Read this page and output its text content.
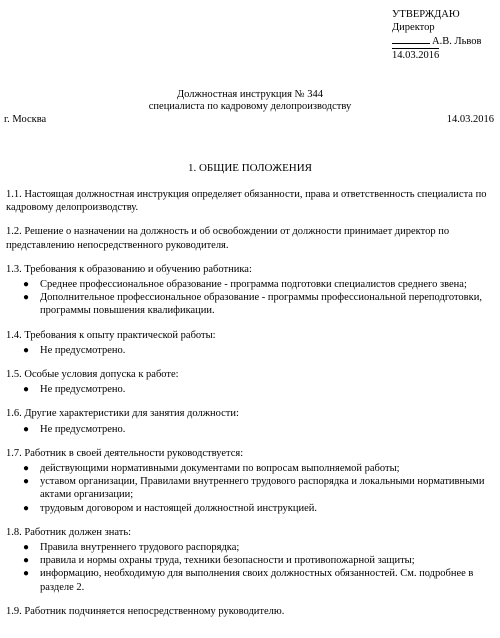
УТВЕРЖДАЮ
Директор
А.В. Львов
14.03.2016
Должностная инструкция № 344
специалиста по кадровому делопроизводству
г. Москва	14.03.2016
1. ОБЩИЕ ПОЛОЖЕНИЯ

1.1. Настоящая должностная инструкция определяет обязанности, права и ответственность специалиста по кадровому делопроизводству.

1.2. Решение о назначении на должность и об освобождении от должности принимает директор по представлению непосредственного руководителя.

1.3. Требования к образованию и обучению работника:

● Среднее профессиональное образование - программа подготовки специалистов среднего звена;
● Дополнительное профессиональное образование - программы профессиональной переподготовки, программы повышения квалификации.

1.4. Требования к опыту практической работы:

● Не предусмотрено.

1.5. Особые условия допуска к работе:

● Не предусмотрено.

1.6. Другие характеристики для занятия должности:

● Не предусмотрено.

1.7. Работник в своей деятельности руководствуется:

● действующими нормативными документами по вопросам выполняемой работы;
● уставом организации, Правилами внутреннего трудового распорядка и локальными нормативными актами организации;
● трудовым договором и настоящей должностной инструкцией.

1.8. Работник должен знать:

● Правила внутреннего трудового распорядка;
● правила и нормы охраны труда, техники безопасности и противопожарной защиты;
● информацию, необходимую для выполнения своих должностных обязанностей. См. подробнее в разделе 2.

1.9. Работник подчиняется непосредственному руководителю.
